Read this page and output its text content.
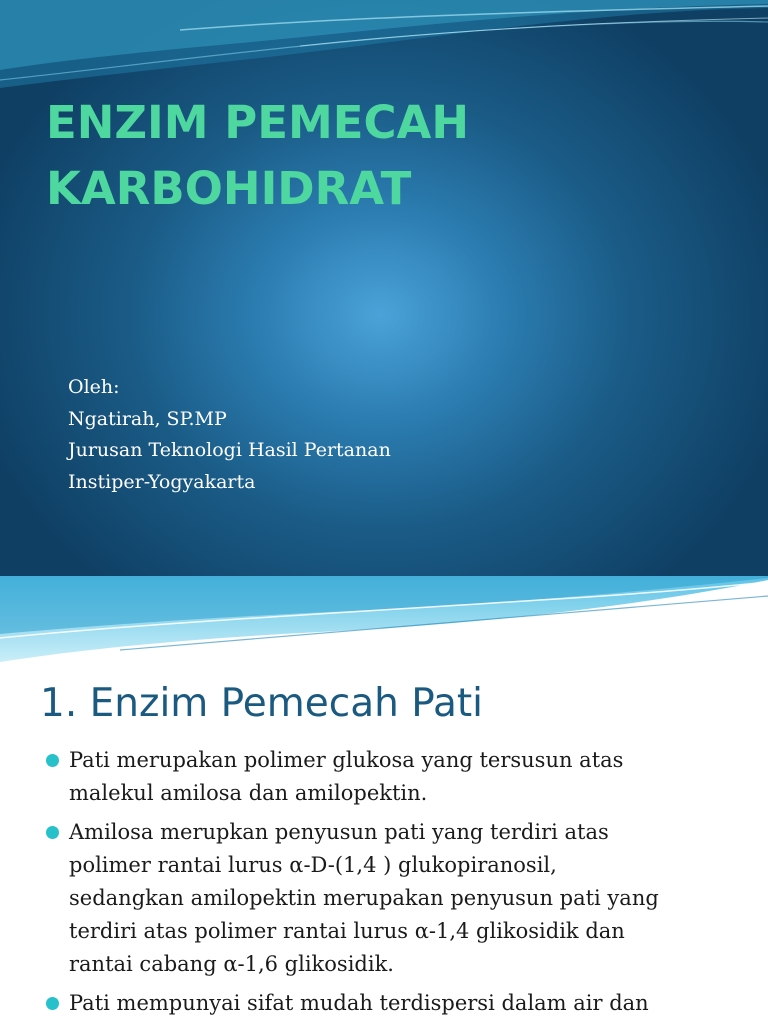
ENZIM PEMECAH
KARBOHIDRAT
Oleh:
Ngatirah, SP.MP
Jurusan Teknologi Hasil Pertanan
Instiper-Yogyakarta
1. Enzim Pemecah Pati
Pati merupakan polimer glukosa yang tersusun atas
malekul amilosa dan amilopektin.
Amilosa merupkan penyusun pati yang terdiri atas
polimer rantai lurus α-D-(1,4 ) glukopiranosil,
sedangkan amilopektin merupakan penyusun pati yang
terdiri atas polimer rantai lurus α-1,4 glikosidik dan
rantai cabang α-1,6 glikosidik.
Pati mempunyai sifat mudah terdispersi dalam air dan
